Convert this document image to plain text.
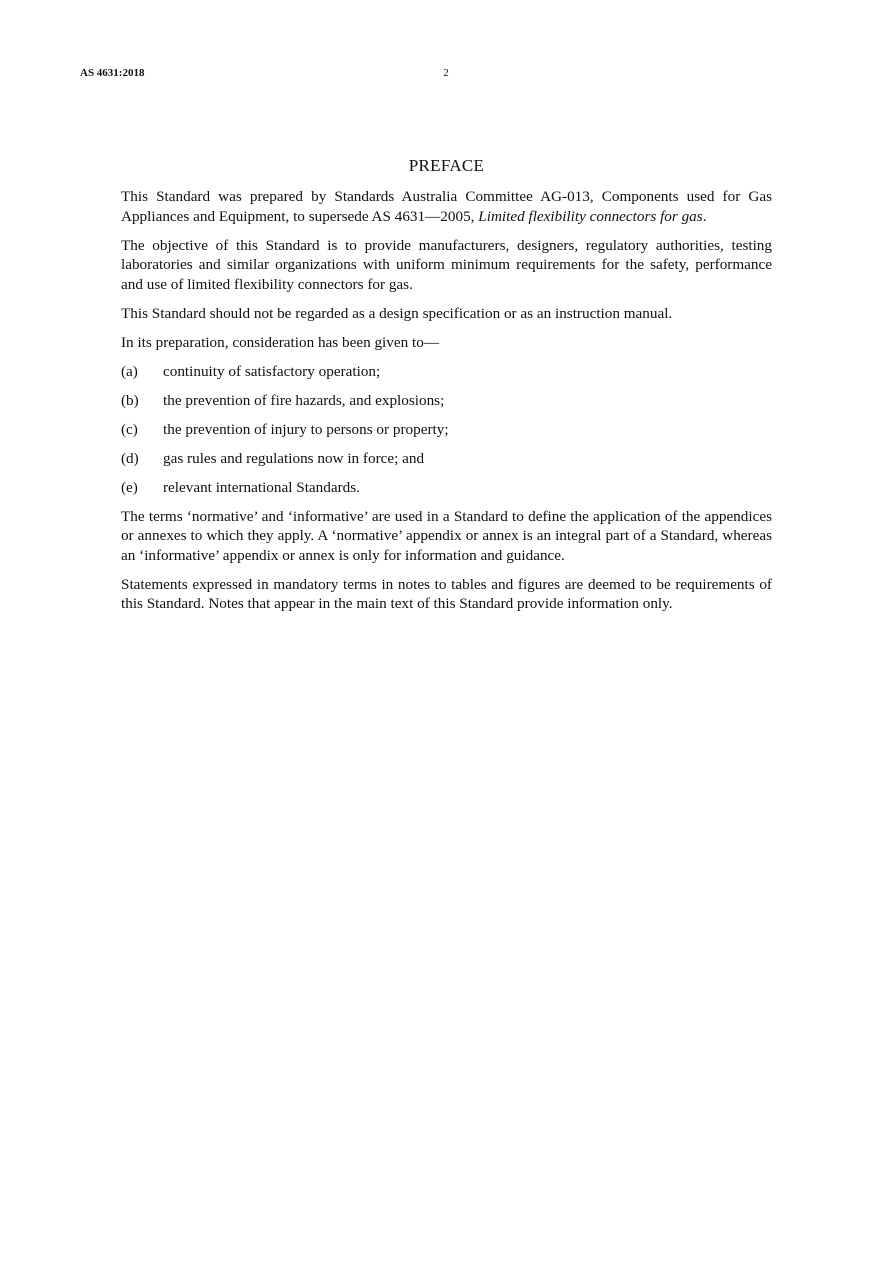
AS 4631:2018	2
PREFACE

This Standard was prepared by Standards Australia Committee AG-013, Components used for Gas Appliances and Equipment, to supersede AS 4631—2005, Limited flexibility connectors for gas.

The objective of this Standard is to provide manufacturers, designers, regulatory authorities, testing laboratories and similar organizations with uniform minimum requirements for the safety, performance and use of limited flexibility connectors for gas.

This Standard should not be regarded as a design specification or as an instruction manual.

In its preparation, consideration has been given to—

(a)	continuity of satisfactory operation;
(b)	the prevention of fire hazards, and explosions;
(c)	the prevention of injury to persons or property;
(d)	gas rules and regulations now in force; and
(e)	relevant international Standards.

The terms ‘normative’ and ‘informative’ are used in a Standard to define the application of the appendices or annexes to which they apply. A ‘normative’ appendix or annex is an integral part of a Standard, whereas an ‘informative’ appendix or annex is only for information and guidance.

Statements expressed in mandatory terms in notes to tables and figures are deemed to be requirements of this Standard. Notes that appear in the main text of this Standard provide information only.
